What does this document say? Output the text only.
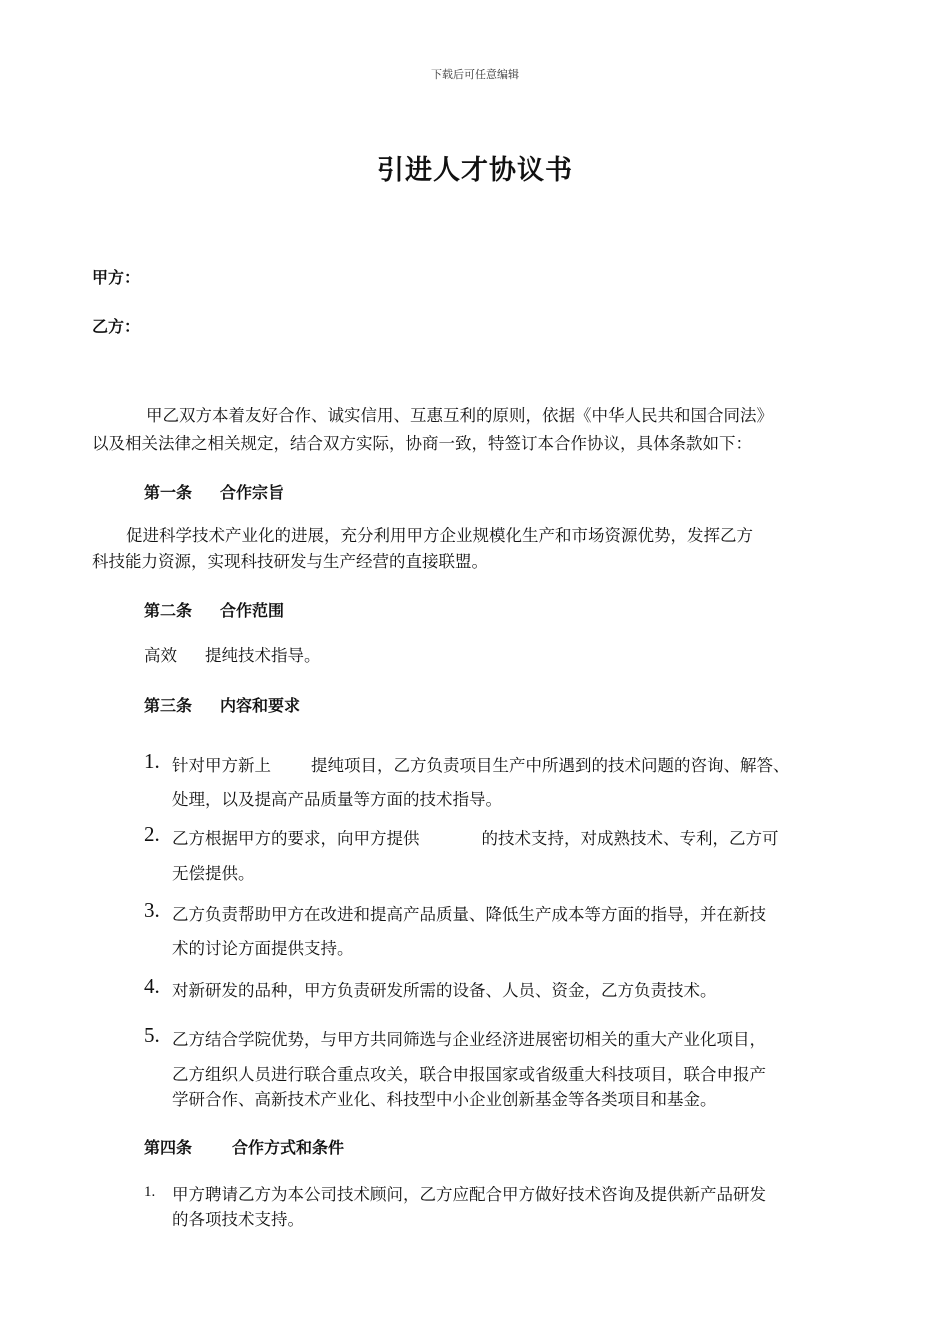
下载后可任意编辑
引进人才协议书
甲方：
乙方：
甲乙双方本着友好合作、诚实信用、互惠互利的原则，依据《中华人民共和国合同法》
以及相关法律之相关规定，结合双方实际，协商一致，特签订本合作协议，具体条款如下：
第一条 合作宗旨
促进科学技术产业化的进展，充分利用甲方企业规模化生产和市场资源优势，发挥乙方
科技能力资源，实现科技研发与生产经营的直接联盟。
第二条 合作范围
高效 提纯技术指导。
第三条 内容和要求
1. 针对甲方新上 提纯项目，乙方负责项目生产中所遇到的技术问题的咨询、解答、
处理，以及提高产品质量等方面的技术指导。
2. 乙方根据甲方的要求，向甲方提供	的技术支持，对成熟技术、专利，乙方可
无偿提供。
3. 乙方负责帮助甲方在改进和提高产品质量、降低生产成本等方面的指导，并在新技
术的讨论方面提供支持。
4. 对新研发的品种，甲方负责研发所需的设备、人员、资金，乙方负责技术。
5. 乙方结合学院优势，与甲方共同筛选与企业经济进展密切相关的重大产业化项目，
乙方组织人员进行联合重点攻关，联合申报国家或省级重大科技项目，联合申报产
学研合作、高新技术产业化、科技型中小企业创新基金等各类项目和基金。
第四条	合作方式和条件
1. 甲方聘请乙方为本公司技术顾问，乙方应配合甲方做好技术咨询及提供新产品研发
的各项技术支持。
